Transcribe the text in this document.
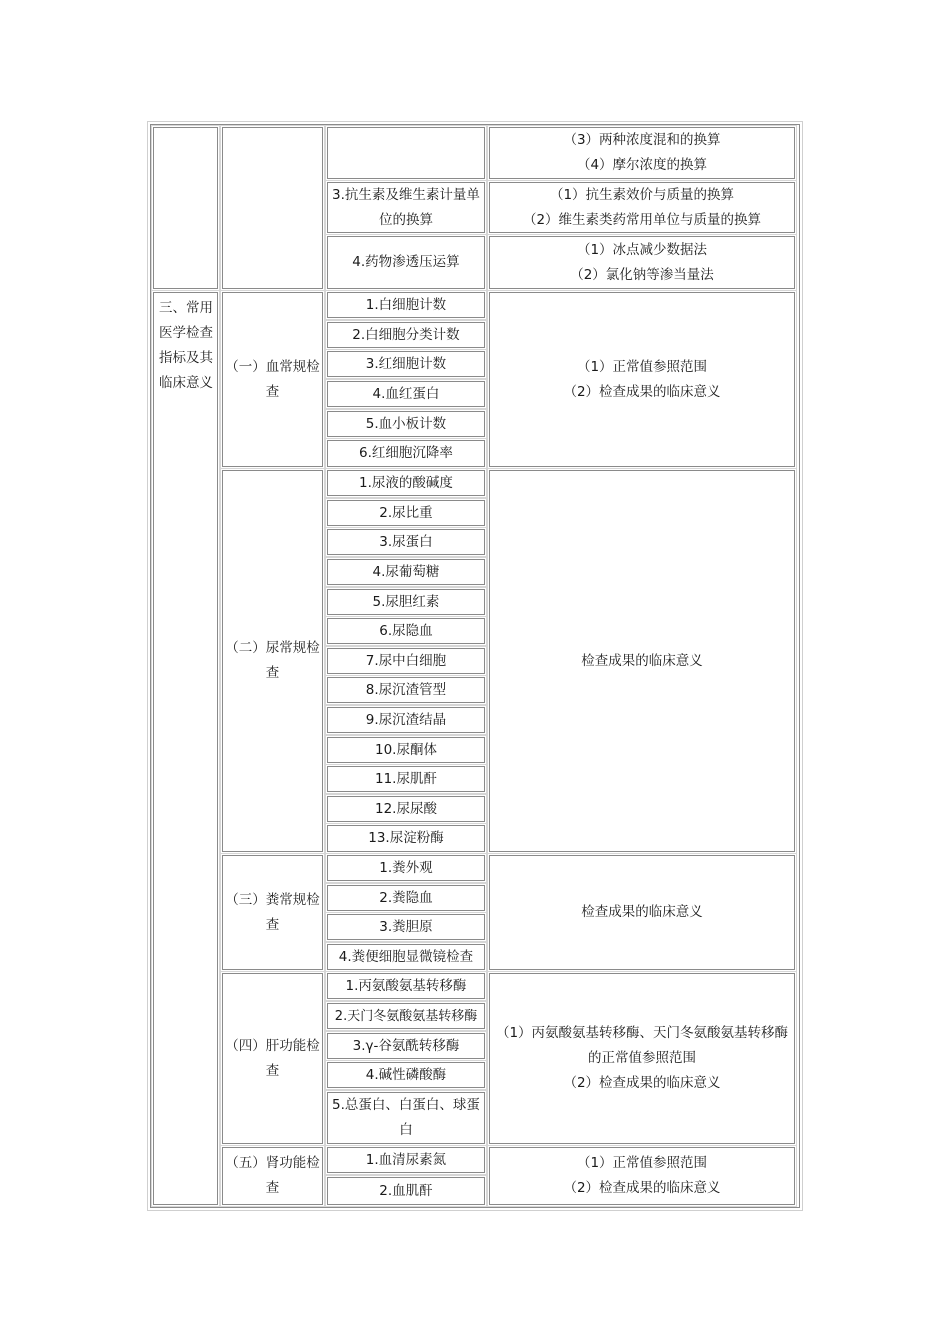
（3）两种浓度混和的换算
（4）摩尔浓度的换算
3.抗生素及维生素计量单位的换算
（1）抗生素效价与质量的换算
（2）维生素类药常用单位与质量的换算
4.药物渗透压运算
（1）冰点减少数据法
（2）氯化钠等渗当量法
三、常用医学检查指标及其临床意义
（一）血常规检查
（1）正常值参照范围
（2）检查成果的临床意义
1.白细胞计数
2.白细胞分类计数
3.红细胞计数
4.血红蛋白
5.血小板计数
6.红细胞沉降率
（二）尿常规检查
检查成果的临床意义
1.尿液的酸碱度
2.尿比重
3.尿蛋白
4.尿葡萄糖
5.尿胆红素
6.尿隐血
7.尿中白细胞
8.尿沉渣管型
9.尿沉渣结晶
10.尿酮体
11.尿肌酐
12.尿尿酸
13.尿淀粉酶
（三）粪常规检查
检查成果的临床意义
1.粪外观
2.粪隐血
3.粪胆原
4.粪便细胞显微镜检查
（四）肝功能检查
（1）丙氨酸氨基转移酶、天门冬氨酸氨基转移酶的正常值参照范围
（2）检查成果的临床意义
1.丙氨酸氨基转移酶
2.天门冬氨酸氨基转移酶
3.γ-谷氨酰转移酶
4.碱性磷酸酶
5.总蛋白、白蛋白、球蛋白
（五）肾功能检查
（1）正常值参照范围
（2）检查成果的临床意义
1.血清尿素氮
2.血肌酐
